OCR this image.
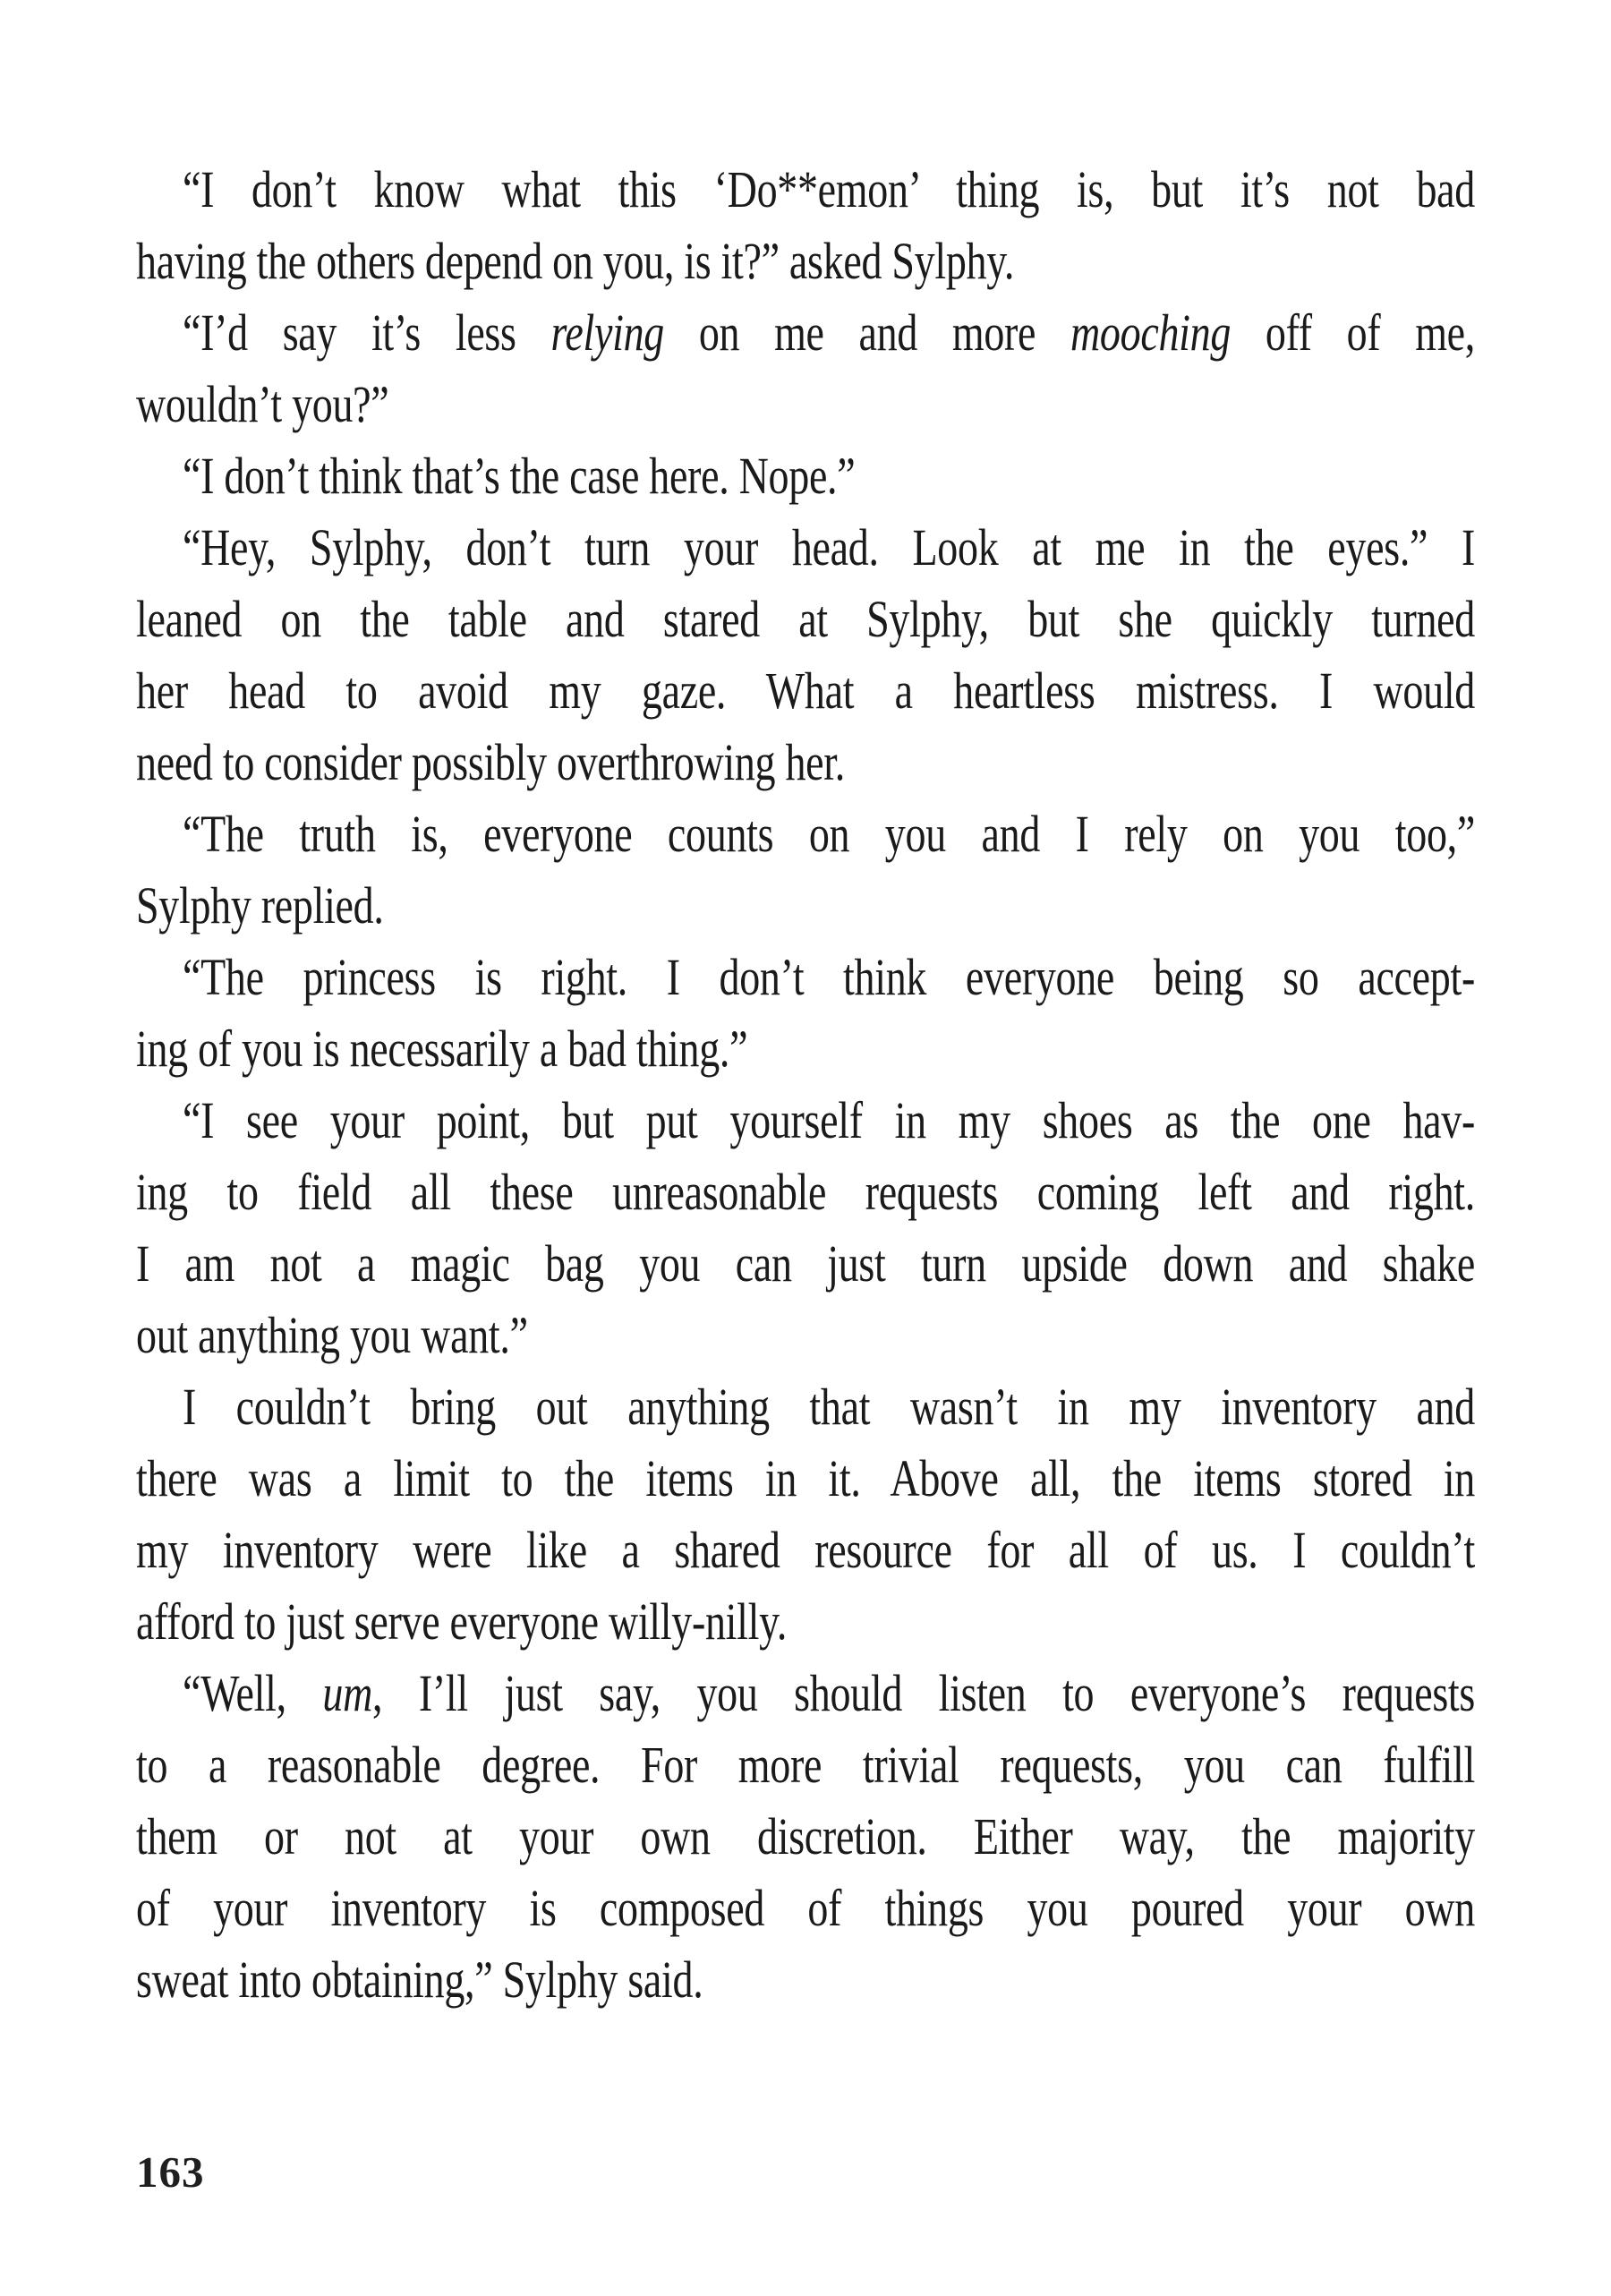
“I don’t know what this ‘Do**emon’ thing is, but it’s not bad
having the others depend on you, is it?” asked Sylphy.
“I’d say it’s less relying on me and more mooching off of me,
wouldn’t you?”
“I don’t think that’s the case here. Nope.”
“Hey, Sylphy, don’t turn your head. Look at me in the eyes.” I
leaned on the table and stared at Sylphy, but she quickly turned
her head to avoid my gaze. What a heartless mistress. I would
need to consider possibly overthrowing her.
“The truth is, everyone counts on you and I rely on you too,”
Sylphy replied.
“The princess is right. I don’t think everyone being so accept-
ing of you is necessarily a bad thing.”
“I see your point, but put yourself in my shoes as the one hav-
ing to field all these unreasonable requests coming left and right.
I am not a magic bag you can just turn upside down and shake
out anything you want.”
I couldn’t bring out anything that wasn’t in my inventory and
there was a limit to the items in it. Above all, the items stored in
my inventory were like a shared resource for all of us. I couldn’t
afford to just serve everyone willy-nilly.
“Well, um, I’ll just say, you should listen to everyone’s requests
to a reasonable degree. For more trivial requests, you can fulfill
them or not at your own discretion. Either way, the majority
of your inventory is composed of things you poured your own
sweat into obtaining,” Sylphy said.
163
